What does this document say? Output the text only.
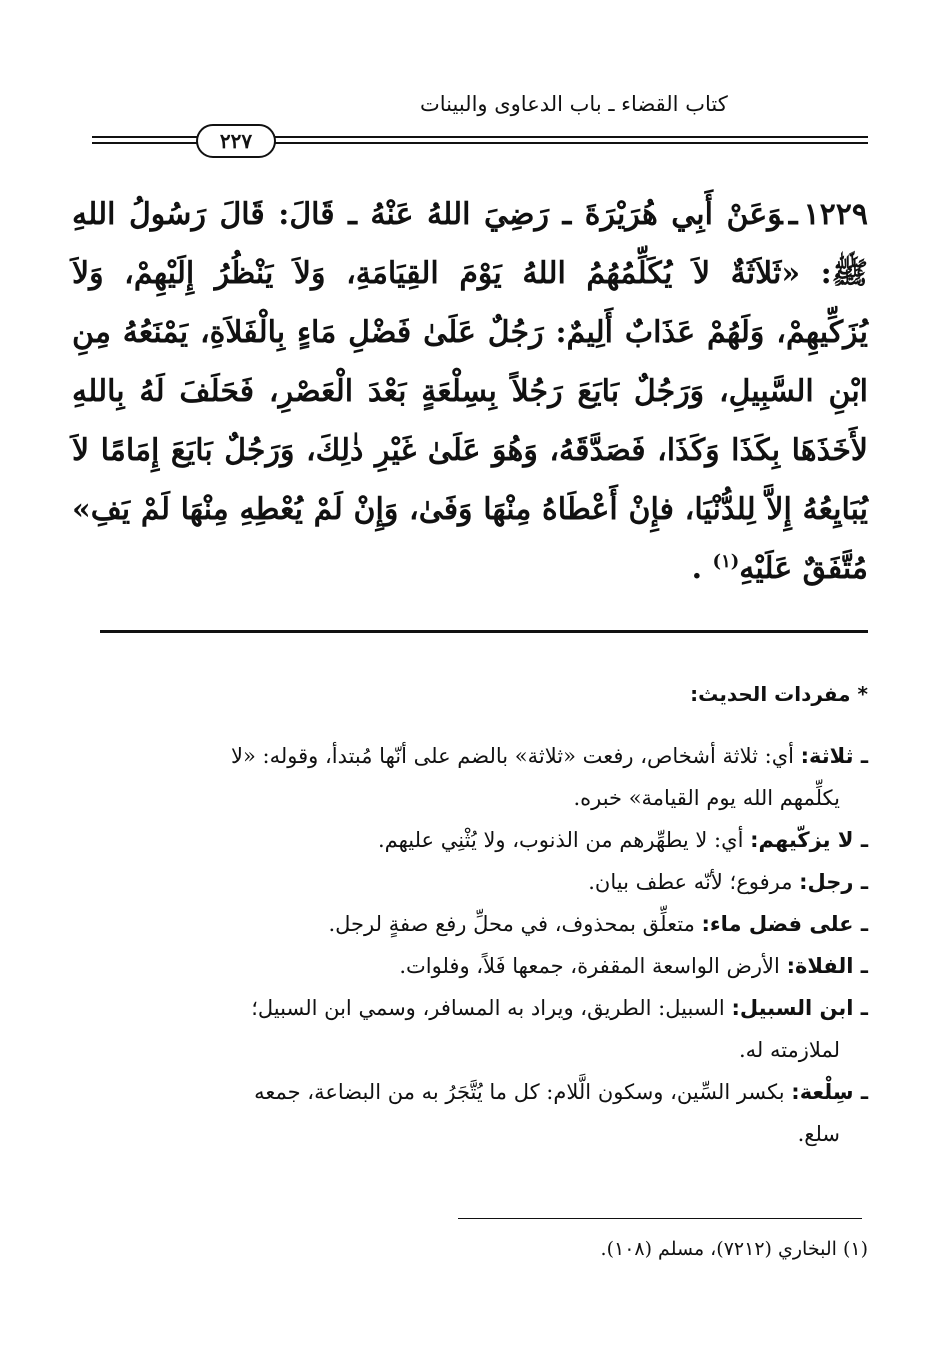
كتاب القضاء ـ باب الدعاوى والبينات
٢٢٧
١٢٢٩ـوَعَنْ أَبِي هُرَيْرَةَ ـ رَضِيَ اللهُ عَنْهُ ـ قَالَ: قَالَ رَسُولُ اللهِ ﷺ: «ثَلاَثَةٌ لاَ يُكَلِّمُهُمُ اللهُ يَوْمَ القِيَامَةِ، وَلاَ يَنْظُرُ إِلَيْهِمْ، وَلاَ يُزَكِّيهِمْ، وَلَهُمْ عَذَابٌ أَلِيمٌ: رَجُلٌ عَلَىٰ فَضْلِ مَاءٍ بِالْفَلاَةِ، يَمْنَعُهُ مِنِ ابْنِ السَّبِيلِ، وَرَجُلٌ بَايَعَ رَجُلاً بِسِلْعَةٍ بَعْدَ الْعَصْرِ، فَحَلَفَ لَهُ بِاللهِ لأَخَذَهَا بِكَذَا وَكَذَا، فَصَدَّقَهُ، وَهُوَ عَلَىٰ غَيْرِ ذٰلِكَ، وَرَجُلٌ بَايَعَ إِمَامًا لاَ يُبَايِعُهُ إِلاَّ لِلدُّنْيَا، فإِنْ أَعْطَاهُ مِنْهَا وَفَىٰ، وَإِنْ لَمْ يُعْطِهِ مِنْهَا لَمْ يَفِ» مُتَّفَقٌ عَلَيْهِ$^{(١)}$ .
* مفردات الحديث:

ـ ثلاثة: أي: ثلاثة أشخاص، رفعت «ثلاثة» بالضم على أنّها مُبتدأ، وقوله: «لا
يكلِّمهم الله يوم القيامة» خبره.

ـ لا يزكّيهم: أي: لا يطهِّرهم من الذنوب، ولا يُثْنِي عليهم.

ـ رجل: مرفوع؛ لأنّه عطف بيان.

ـ على فضل ماء: متعلِّق بمحذوف، في محلِّ رفع صفةٍ لرجل.

ـ الفلاة: الأرض الواسعة المقفرة، جمعها فَلاً، وفلوات.

ـ ابن السبيل: السبيل: الطريق، ويراد به المسافر، وسمي ابن السبيل؛
لملازمته له.

ـ سِلْعة: بكسر السِّين، وسكون الَّلام: كل ما يُتَّجَرُ به من البضاعة، جمعه
سلع.

(١) البخاري (٧٢١٢)، مسلم (١٠٨).
